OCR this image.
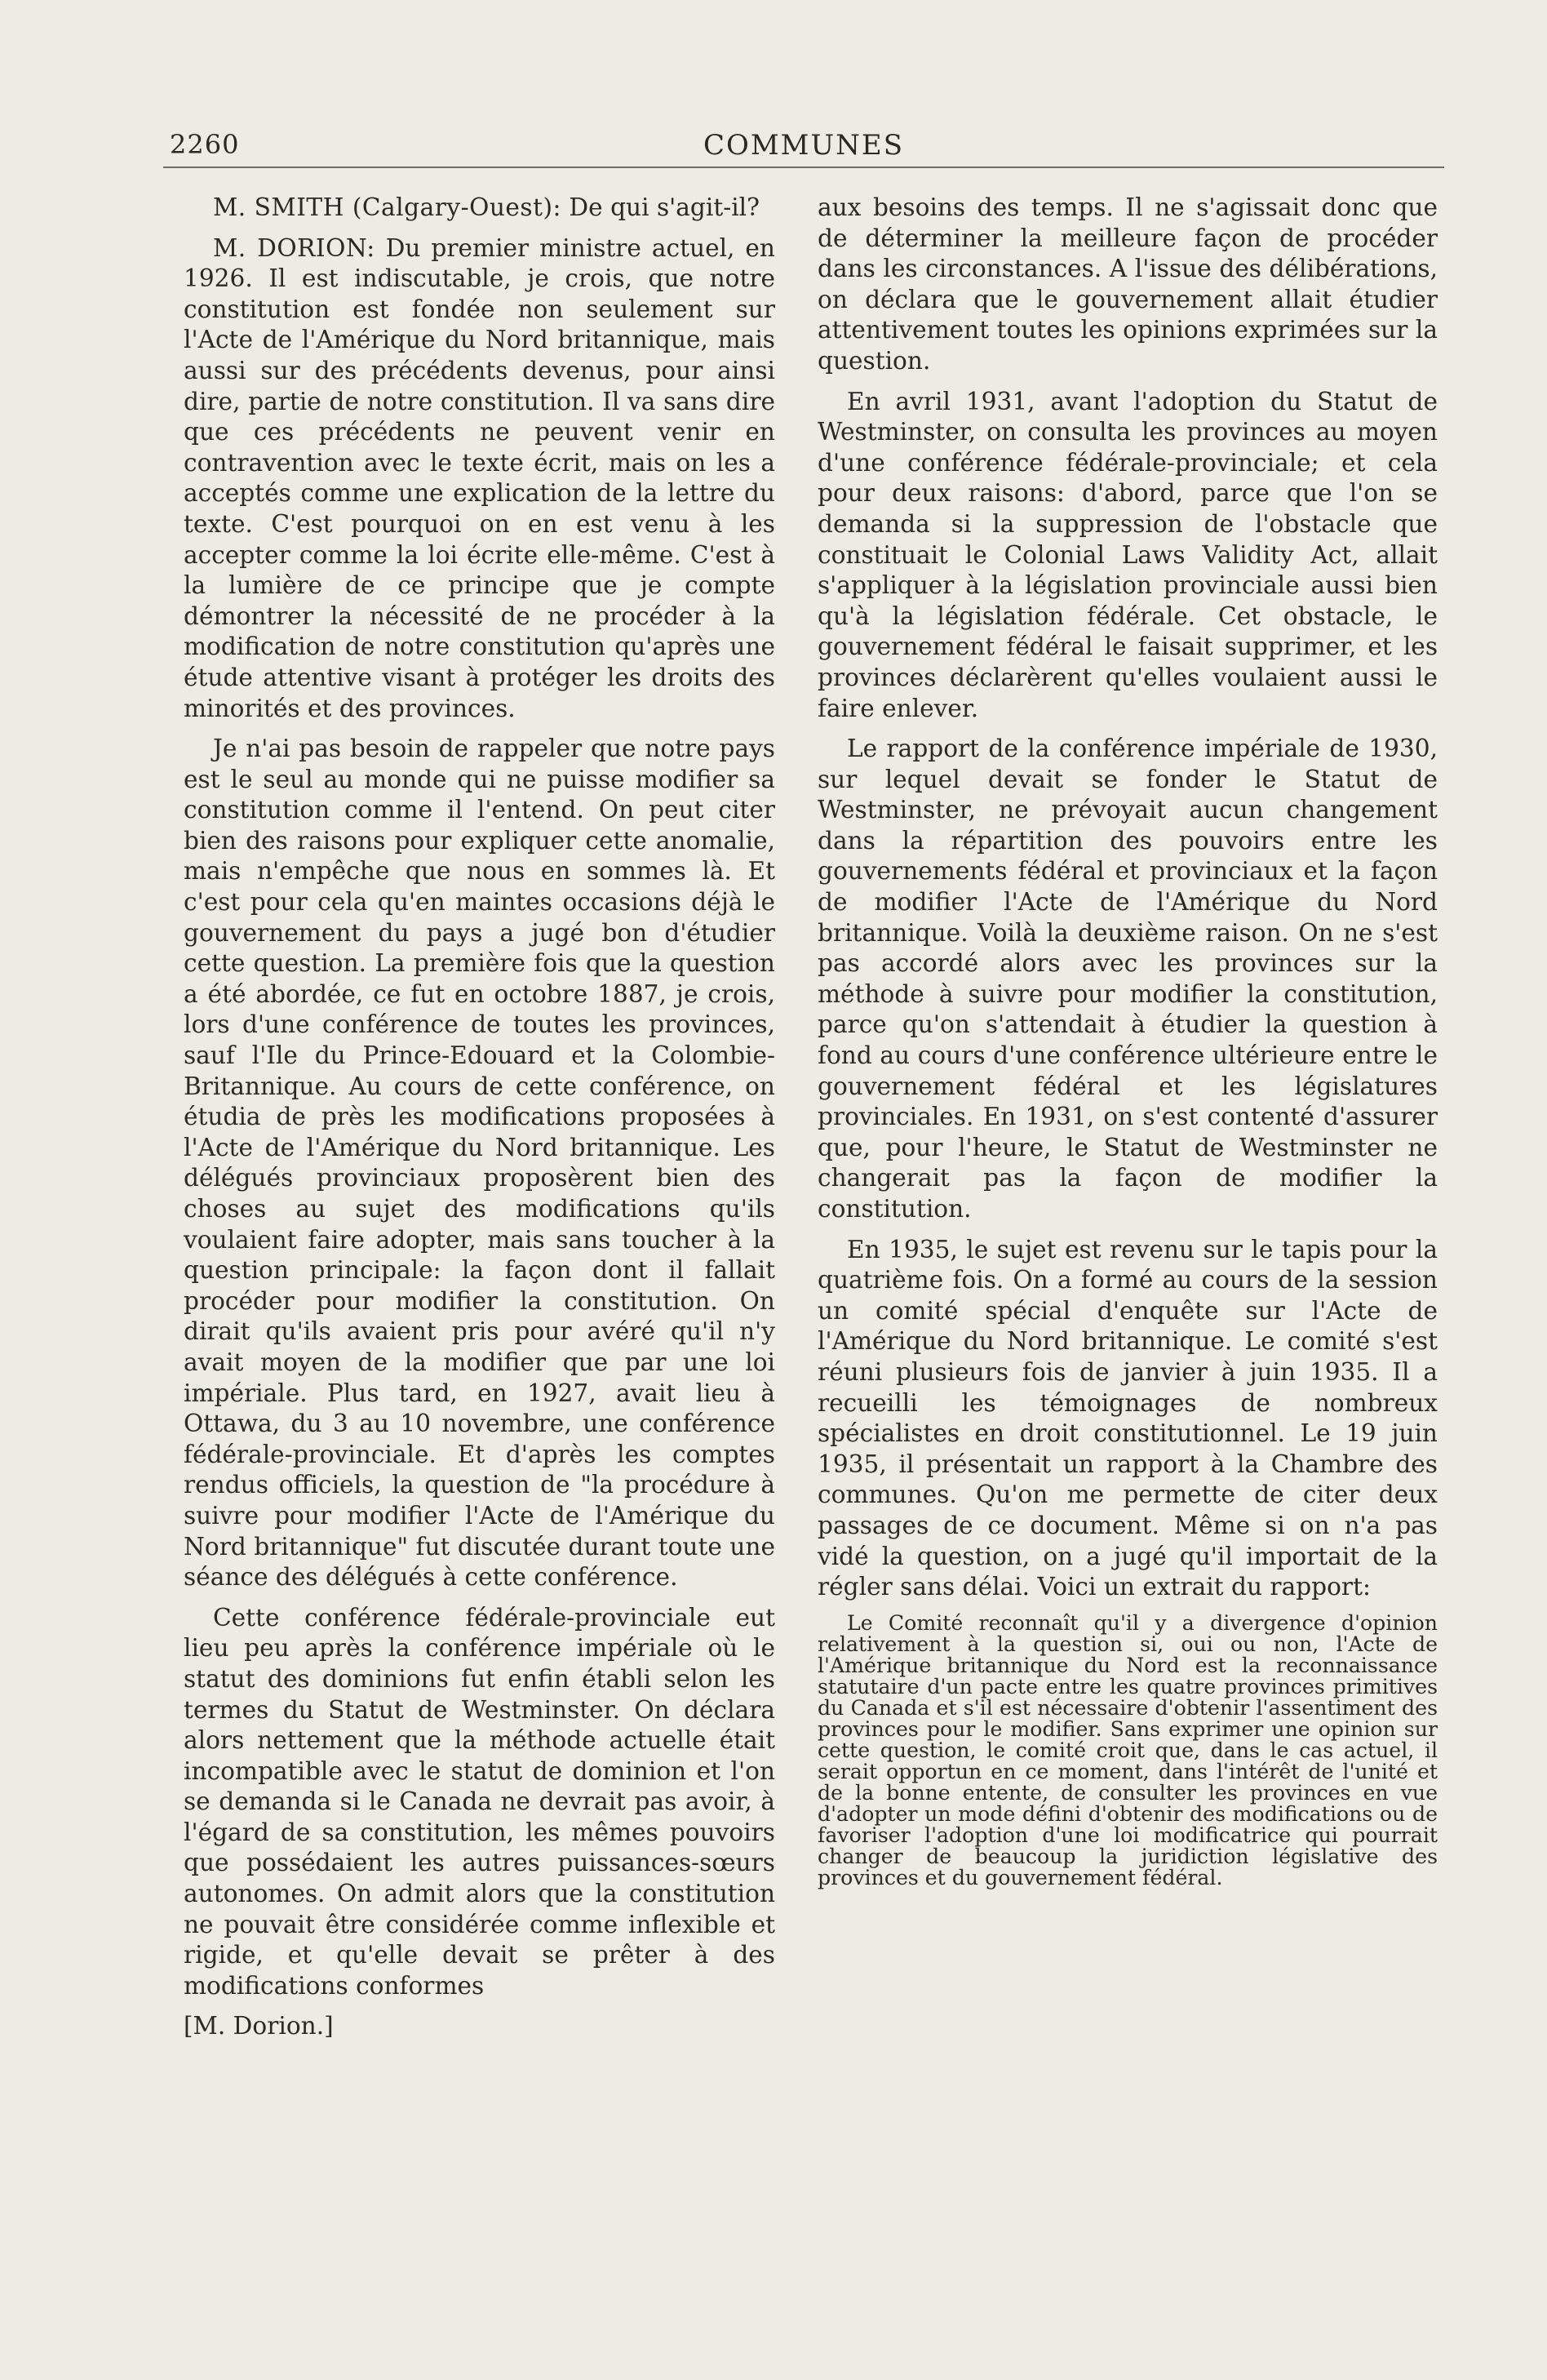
2260	COMMUNES

M. SMITH (Calgary-Ouest): De qui s'agit-il?

M. DORION: Du premier ministre actuel, en 1926. Il est indiscutable, je crois, que notre constitution est fondée non seulement sur l'Acte de l'Amérique du Nord britannique, mais aussi sur des précédents devenus, pour ainsi dire, partie de notre constitution. Il va sans dire que ces précédents ne peuvent venir en contravention avec le texte écrit, mais on les a acceptés comme une explication de la lettre du texte. C'est pourquoi on en est venu à les accepter comme la loi écrite elle-même. C'est à la lumière de ce principe que je compte démontrer la nécessité de ne procéder à la modification de notre constitution qu'après une étude attentive visant à protéger les droits des minorités et des provinces.

Je n'ai pas besoin de rappeler que notre pays est le seul au monde qui ne puisse modifier sa constitution comme il l'entend. On peut citer bien des raisons pour expliquer cette anomalie, mais n'empêche que nous en sommes là. Et c'est pour cela qu'en maintes occasions déjà le gouvernement du pays a jugé bon d'étudier cette question. La première fois que la question a été abordée, ce fut en octobre 1887, je crois, lors d'une conférence de toutes les provinces, sauf l'Ile du Prince-Edouard et la Colombie-Britannique. Au cours de cette conférence, on étudia de près les modifications proposées à l'Acte de l'Amérique du Nord britannique. Les délégués provinciaux proposèrent bien des choses au sujet des modifications qu'ils voulaient faire adopter, mais sans toucher à la question principale: la façon dont il fallait procéder pour modifier la constitution. On dirait qu'ils avaient pris pour avéré qu'il n'y avait moyen de la modifier que par une loi impériale. Plus tard, en 1927, avait lieu à Ottawa, du 3 au 10 novembre, une conférence fédérale-provinciale. Et d'après les comptes rendus officiels, la question de "la procédure à suivre pour modifier l'Acte de l'Amérique du Nord britannique" fut discutée durant toute une séance des délégués à cette conférence.

Cette conférence fédérale-provinciale eut lieu peu après la conférence impériale où le statut des dominions fut enfin établi selon les termes du Statut de Westminster. On déclara alors nettement que la méthode actuelle était incompatible avec le statut de dominion et l'on se demanda si le Canada ne devrait pas avoir, à l'égard de sa constitution, les mêmes pouvoirs que possédaient les autres puissances-sœurs autonomes. On admit alors que la constitution ne pouvait être considérée comme inflexible et rigide, et qu'elle devait se prêter à des modifications conformes

[M. Dorion.]

aux besoins des temps. Il ne s'agissait donc que de déterminer la meilleure façon de procéder dans les circonstances. A l'issue des délibérations, on déclara que le gouvernement allait étudier attentivement toutes les opinions exprimées sur la question.

En avril 1931, avant l'adoption du Statut de Westminster, on consulta les provinces au moyen d'une conférence fédérale-provinciale; et cela pour deux raisons: d'abord, parce que l'on se demanda si la suppression de l'obstacle que constituait le Colonial Laws Validity Act, allait s'appliquer à la législation provinciale aussi bien qu'à la législation fédérale. Cet obstacle, le gouvernement fédéral le faisait supprimer, et les provinces déclarèrent qu'elles voulaient aussi le faire enlever.

Le rapport de la conférence impériale de 1930, sur lequel devait se fonder le Statut de Westminster, ne prévoyait aucun changement dans la répartition des pouvoirs entre les gouvernements fédéral et provinciaux et la façon de modifier l'Acte de l'Amérique du Nord britannique. Voilà la deuxième raison. On ne s'est pas accordé alors avec les provinces sur la méthode à suivre pour modifier la constitution, parce qu'on s'attendait à étudier la question à fond au cours d'une conférence ultérieure entre le gouvernement fédéral et les législatures provinciales. En 1931, on s'est contenté d'assurer que, pour l'heure, le Statut de Westminster ne changerait pas la façon de modifier la constitution.

En 1935, le sujet est revenu sur le tapis pour la quatrième fois. On a formé au cours de la session un comité spécial d'enquête sur l'Acte de l'Amérique du Nord britannique. Le comité s'est réuni plusieurs fois de janvier à juin 1935. Il a recueilli les témoignages de nombreux spécialistes en droit constitutionnel. Le 19 juin 1935, il présentait un rapport à la Chambre des communes. Qu'on me permette de citer deux passages de ce document. Même si on n'a pas vidé la question, on a jugé qu'il importait de la régler sans délai. Voici un extrait du rapport:

Le Comité reconnaît qu'il y a divergence d'opinion relativement à la question si, oui ou non, l'Acte de l'Amérique britannique du Nord est la reconnaissance statutaire d'un pacte entre les quatre provinces primitives du Canada et s'il est nécessaire d'obtenir l'assentiment des provinces pour le modifier. Sans exprimer une opinion sur cette question, le comité croit que, dans le cas actuel, il serait opportun en ce moment, dans l'intérêt de l'unité et de la bonne entente, de consulter les provinces en vue d'adopter un mode défini d'obtenir des modifications ou de favoriser l'adoption d'une loi modificatrice qui pourrait changer de beaucoup la juridiction législative des provinces et du gouvernement fédéral.
